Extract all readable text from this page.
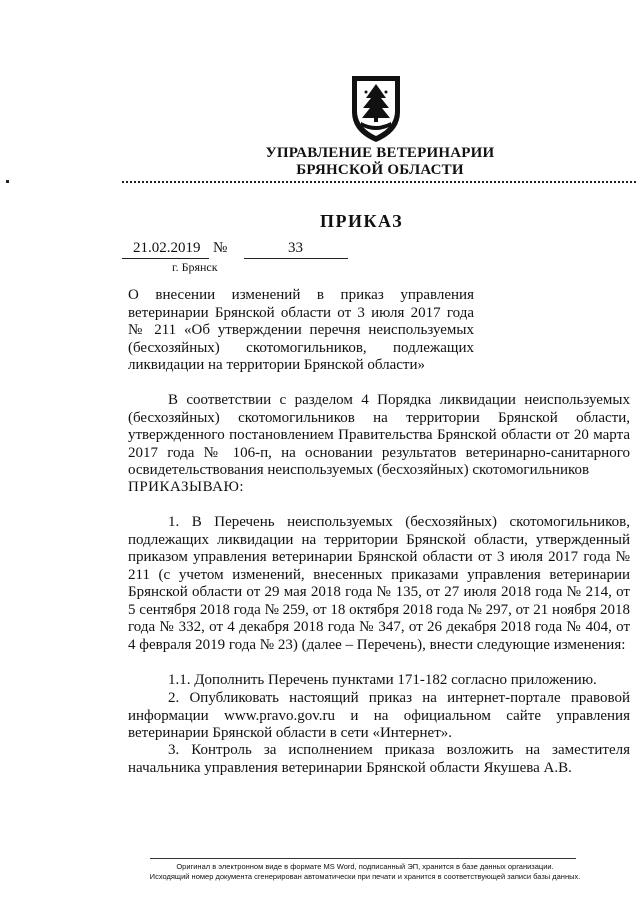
УПРАВЛЕНИЕ ВЕТЕРИНАРИИ
БРЯНСКОЙ ОБЛАСТИ
ПРИКАЗ
21.02.2019 №	33
г. Брянск
О внесении изменений в приказ управления ветеринарии Брянской области от 3 июля 2017 года № 211 «Об утверждении перечня неиспользуемых (бесхозяйных) скотомогильников, подлежащих ликвидации на территории Брянской области»
В соответствии с разделом 4 Порядка ликвидации неиспользуемых (бесхозяйных) скотомогильников на территории Брянской области, утвержденного постановлением Правительства Брянской области от 20 марта 2017 года № 106-п, на основании результатов ветеринарно-санитарного освидетельствования неиспользуемых (бесхозяйных) скотомогильников
ПРИКАЗЫВАЮ:
1. В Перечень неиспользуемых (бесхозяйных) скотомогильников, подлежащих ликвидации на территории Брянской области, утвержденный приказом управления ветеринарии Брянской области от 3 июля 2017 года № 211 (с учетом изменений, внесенных приказами управления ветеринарии Брянской области от 29 мая 2018 года № 135, от 27 июля 2018 года № 214, от 5 сентября 2018 года № 259, от 18 октября 2018 года № 297, от 21 ноября 2018 года № 332, от 4 декабря 2018 года № 347, от 26 декабря 2018 года № 404, от 4 февраля 2019 года № 23) (далее – Перечень), внести следующие изменения:
1.1. Дополнить Перечень пунктами 171-182 согласно приложению.
2. Опубликовать настоящий приказ на интернет-портале правовой информации www.pravo.gov.ru и на официальном сайте управления ветеринарии Брянской области в сети «Интернет».
3. Контроль за исполнением приказа возложить на заместителя начальника управления ветеринарии Брянской области Якушева А.В.
Оригинал в электронном виде в формате MS Word, подписанный ЭП, хранится в базе данных организации.
Исходящий номер документа сгенерирован автоматически при печати и хранится в соответствующей записи базы данных.
